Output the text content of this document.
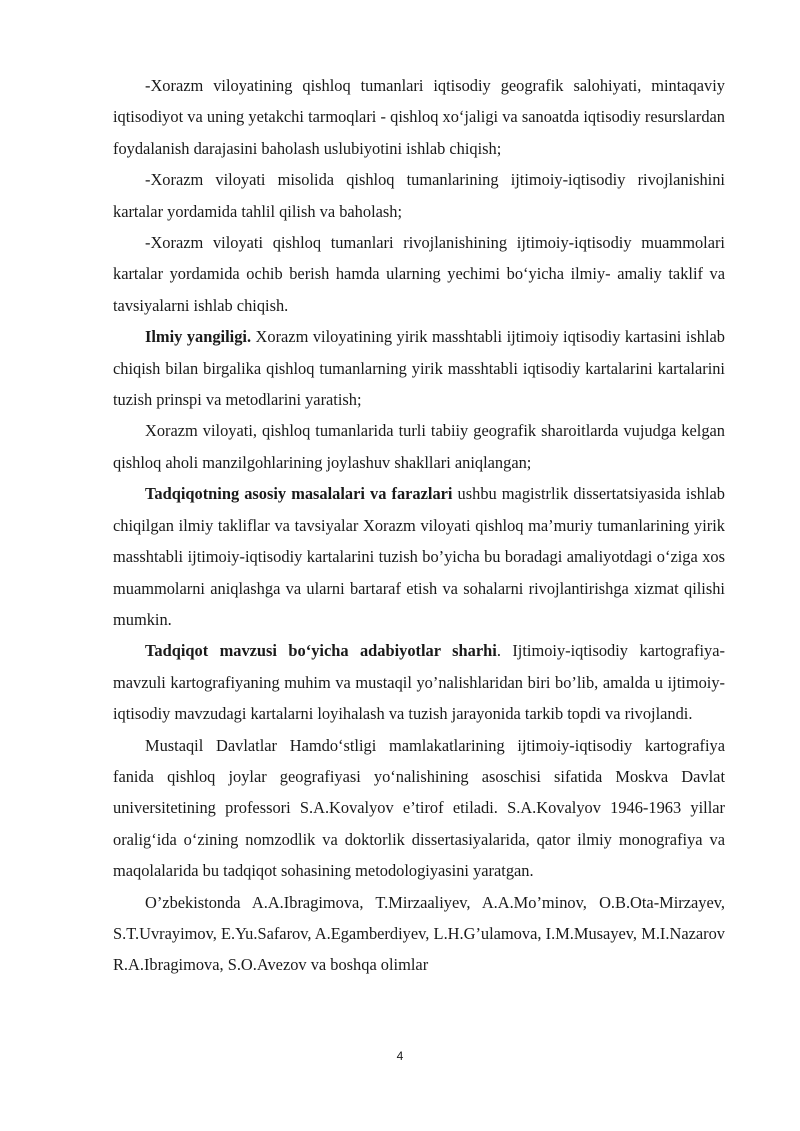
-Xorazm viloyatining qishloq tumanlari iqtisodiy geografik salohiyati, mintaqaviy iqtisodiyot va uning yetakchi tarmoqlari - qishloq xo‘jaligi va sanoatda iqtisodiy resurslardan foydalanish darajasini baholash uslubiyotini ishlab chiqish;

-Xorazm viloyati misolida qishloq tumanlarining ijtimoiy-iqtisodiy rivojlanishini kartalar yordamida tahlil qilish va baholash;

-Xorazm viloyati qishloq tumanlari rivojlanishining ijtimoiy-iqtisodiy muammolari kartalar yordamida ochib berish hamda ularning yechimi bo‘yicha ilmiy- amaliy taklif va tavsiyalarni ishlab chiqish.

Ilmiy yangiligi. Xorazm viloyatining yirik masshtabli ijtimoiy iqtisodiy kartasini ishlab chiqish bilan birgalika qishloq tumanlarning yirik masshtabli iqtisodiy kartalarini kartalarini tuzish prinspi va metodlarini yaratish;

Xorazm viloyati, qishloq tumanlarida turli tabiiy geografik sharoitlarda vujudga kelgan qishloq aholi manzilgohlarining joylashuv shakllari aniqlangan;

Tadqiqotning asosiy masalalari va farazlari ushbu magistrlik dissertatsiyasida ishlab chiqilgan ilmiy takliflar va tavsiyalar Xorazm viloyati qishloq ma’muriy tumanlarining yirik masshtabli ijtimoiy-iqtisodiy kartalarini tuzish bo’yicha bu boradagi amaliyotdagi o‘ziga xos muammolarni aniqlashga va ularni bartaraf etish va sohalarni rivojlantirishga xizmat qilishi mumkin.

Tadqiqot mavzusi bo‘yicha adabiyotlar sharhi. Ijtimoiy-iqtisodiy kartografiya-mavzuli kartografiyaning muhim va mustaqil yo’nalishlaridan biri bo’lib, amalda u ijtimoiy-iqtisodiy mavzudagi kartalarni loyihalash va tuzish jarayonida tarkib topdi va rivojlandi.

Mustaqil Davlatlar Hamdo‘stligi mamlakatlarining ijtimoiy-iqtisodiy kartografiya fanida qishloq joylar geografiyasi yo‘nalishining asoschisi sifatida Moskva Davlat universitetining professori S.A.Kovalyov e’tirof etiladi. S.A.Kovalyov 1946-1963 yillar oralig‘ida o‘zining nomzodlik va doktorlik dissertasiyalarida, qator ilmiy monografiya va maqolalarida bu tadqiqot sohasining metodologiyasini yaratgan.

O’zbekistonda A.A.Ibragimova, T.Mirzaaliyev, A.A.Mo’minov, O.B.Ota-Mirzayev, S.T.Uvrayimov, E.Yu.Safarov, A.Egamberdiyev, L.H.G’ulamova, I.M.Musayev, M.I.Nazarov R.A.Ibragimova, S.O.Avezov va boshqa olimlar

4
